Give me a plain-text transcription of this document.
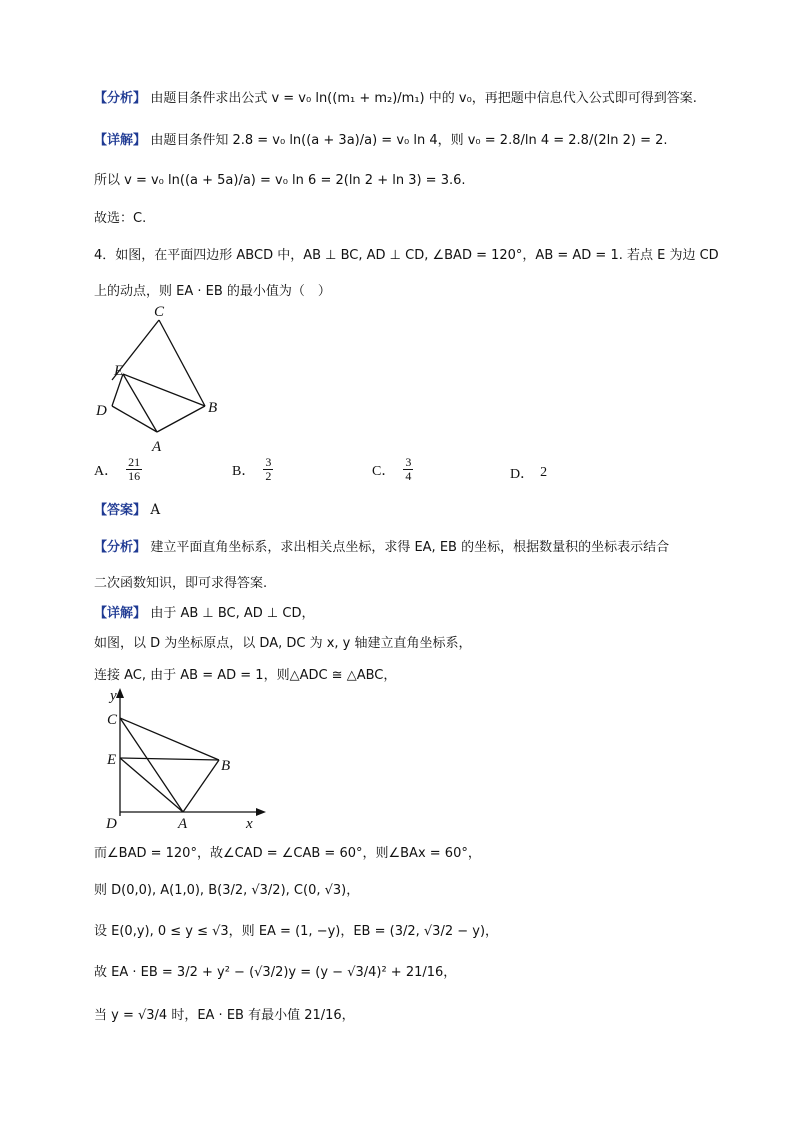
【分析】 由题目条件求出公式 v = v₀ ln((m₁ + m₂)/m₁) 中的 v₀，再把题中信息代入公式即可得到答案.
【详解】 由题目条件知 2.8 = v₀ ln((a + 3a)/a) = v₀ ln 4，则 v₀ = 2.8/ln 4 = 2.8/(2ln 2) = 2.
所以 v = v₀ ln((a + 5a)/a) = v₀ ln 6 = 2(ln 2 + ln 3) = 3.6.
故选：C.
4．如图，在平面四边形 ABCD 中，AB ⊥ BC, AD ⊥ CD, ∠BAD = 120°，AB = AD = 1. 若点 E 为边 CD
上的动点，则 EA · EB 的最小值为（　）
C
E
D	B
A
A． $\frac{21}{16}$	B． $\frac{3}{2}$	C． $\frac{3}{4}$	D． 2
【答案】 A
【分析】 建立平面直角坐标系，求出相关点坐标，求得 EA, EB 的坐标，根据数量积的坐标表示结合
二次函数知识，即可求得答案.
【详解】 由于 AB ⊥ BC, AD ⊥ CD，
如图，以 D 为坐标原点，以 DA, DC 为 x, y 轴建立直角坐标系，
连接 AC, 由于 AB = AD = 1，则△ADC ≅ △ABC，
y
C
E	B
D	A	x
而∠BAD = 120°，故∠CAD = ∠CAB = 60°，则∠BAx = 60°，
则 D(0,0), A(1,0), B(3/2, √3/2), C(0, √3)，
设 E(0,y), 0 ≤ y ≤ √3，则 EA = (1, −y)，EB = (3/2, √3/2 − y)，
故 EA · EB = 3/2 + y² − (√3/2)y = (y − √3/4)² + 21/16，
当 y = √3/4 时，EA · EB 有最小值 21/16，
